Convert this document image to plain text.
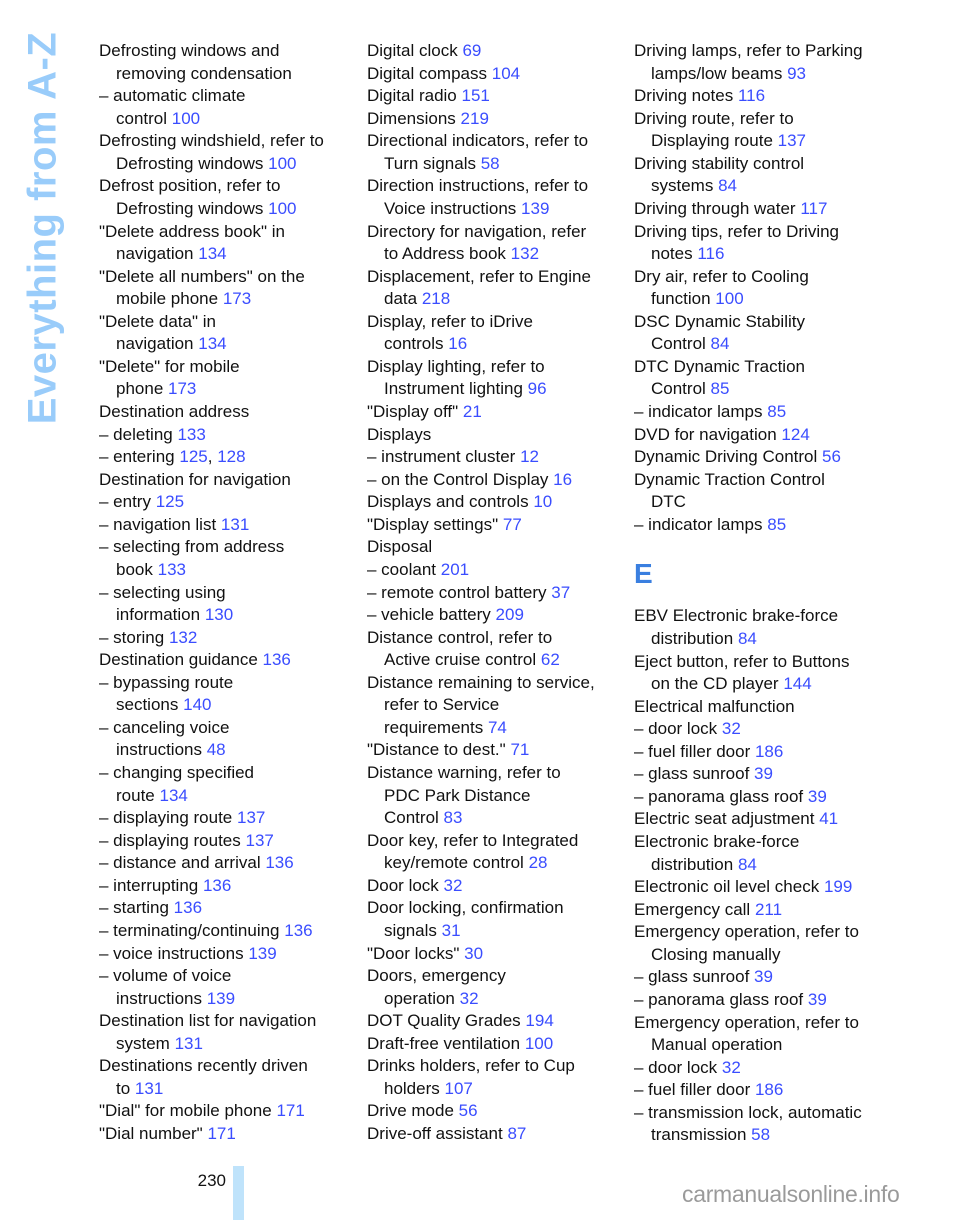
Everything from A-Z Defrosting windows and
removing condensation
– automatic climate
control 100
Defrosting windshield, refer to
Defrosting windows 100
Defrost position, refer to
Defrosting windows 100
"Delete address book" in
navigation 134
"Delete all numbers" on the
mobile phone 173
"Delete data" in
navigation 134
"Delete" for mobile
phone 173
Destination address
– deleting 133
– entering 125, 128
Destination for navigation
– entry 125
– navigation list 131
– selecting from address
book 133
– selecting using
information 130
– storing 132
Destination guidance 136
– bypassing route
sections 140
– canceling voice
instructions 48
– changing specified
route 134
– displaying route 137
– displaying routes 137
– distance and arrival 136
– interrupting 136
– starting 136
– terminating/continuing 136
– voice instructions 139
– volume of voice
instructions 139
Destination list for navigation
system 131
Destinations recently driven
to 131
"Dial" for mobile phone 171
"Dial number" 171
Digital clock 69
Digital compass 104
Digital radio 151
Dimensions 219
Directional indicators, refer to
Turn signals 58
Direction instructions, refer to
Voice instructions 139
Directory for navigation, refer
to Address book 132
Displacement, refer to Engine
data 218
Display, refer to iDrive
controls 16
Display lighting, refer to
Instrument lighting 96
"Display off" 21
Displays
– instrument cluster 12
– on the Control Display 16
Displays and controls 10
"Display settings" 77
Disposal
– coolant 201
– remote control battery 37
– vehicle battery 209
Distance control, refer to
Active cruise control 62
Distance remaining to service,
refer to Service
requirements 74
"Distance to dest." 71
Distance warning, refer to
PDC Park Distance
Control 83
Door key, refer to Integrated
key/remote control 28
Door lock 32
Door locking, confirmation
signals 31
"Door locks" 30
Doors, emergency
operation 32
DOT Quality Grades 194
Draft-free ventilation 100
Drinks holders, refer to Cup
holders 107
Drive mode 56
Drive-off assistant 87
Driving lamps, refer to Parking
lamps/low beams 93
Driving notes 116
Driving route, refer to
Displaying route 137
Driving stability control
systems 84
Driving through water 117
Driving tips, refer to Driving
notes 116
Dry air, refer to Cooling
function 100
DSC Dynamic Stability
Control 84
DTC Dynamic Traction
Control 85
– indicator lamps 85
DVD for navigation 124
Dynamic Driving Control 56
Dynamic Traction Control
DTC
– indicator lamps 85
E
EBV Electronic brake-force
distribution 84
Eject button, refer to Buttons
on the CD player 144
Electrical malfunction
– door lock 32
– fuel filler door 186
– glass sunroof 39
– panorama glass roof 39
Electric seat adjustment 41
Electronic brake-force
distribution 84
Electronic oil level check 199
Emergency call 211
Emergency operation, refer to
Closing manually
– glass sunroof 39
– panorama glass roof 39
Emergency operation, refer to
Manual operation
– door lock 32
– fuel filler door 186
– transmission lock, automatic
transmission 58
230
carmanualsonline.info
